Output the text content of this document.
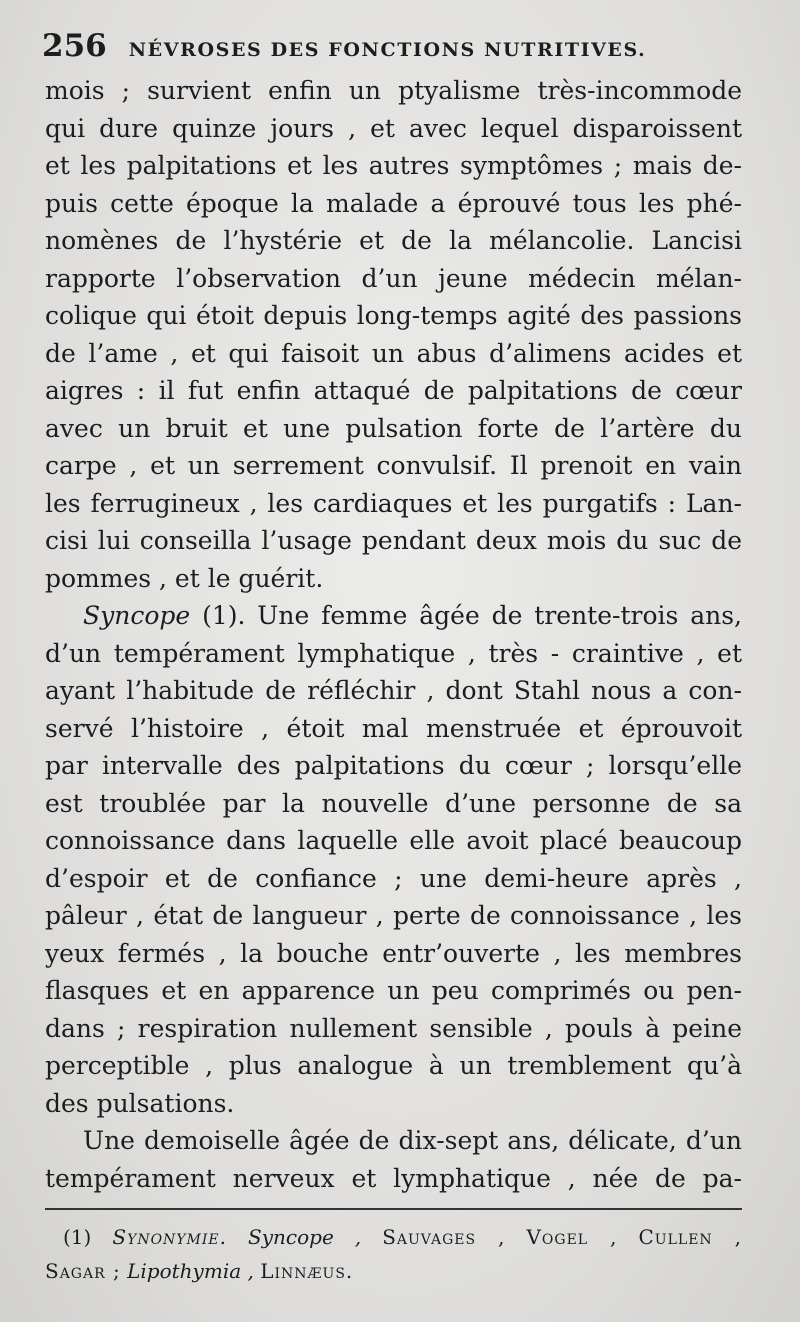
256 NÉVROSES DES FONCTIONS NUTRITIVES.
mois ; survient enfin un ptyalisme très-incommode
qui dure quinze jours , et avec lequel disparoissent
et les palpitations et les autres symptômes ; mais de-
puis cette époque la malade a éprouvé tous les phé-
nomènes de l’hystérie et de la mélancolie. Lancisi
rapporte l’observation d’un jeune médecin mélan-
colique qui étoit depuis long-temps agité des passions
de l’ame , et qui faisoit un abus d’alimens acides et
aigres : il fut enfin attaqué de palpitations de cœur
avec un bruit et une pulsation forte de l’artère du
carpe , et un serrement convulsif. Il prenoit en vain
les ferrugineux , les cardiaques et les purgatifs : Lan-
cisi lui conseilla l’usage pendant deux mois du suc de
pommes , et le guérit.
Syncope (1). Une femme âgée de trente-trois ans,
d’un tempérament lymphatique , très - craintive , et
ayant l’habitude de réfléchir , dont Stahl nous a con-
servé l’histoire , étoit mal menstruée et éprouvoit
par intervalle des palpitations du cœur ; lorsqu’elle
est troublée par la nouvelle d’une personne de sa
connoissance dans laquelle elle avoit placé beaucoup
d’espoir et de confiance ; une demi-heure après ,
pâleur , état de langueur , perte de connoissance , les
yeux fermés , la bouche entr’ouverte , les membres
flasques et en apparence un peu comprimés ou pen-
dans ; respiration nullement sensible , pouls à peine
perceptible , plus analogue à un tremblement qu’à
des pulsations.
Une demoiselle âgée de dix-sept ans, délicate, d’un
tempérament nerveux et lymphatique , née de pa-
(1) Synonymie. Syncope , Sauvages , Vogel , Cullen ,
Sagar ; Lipothymia , Linnæus.
